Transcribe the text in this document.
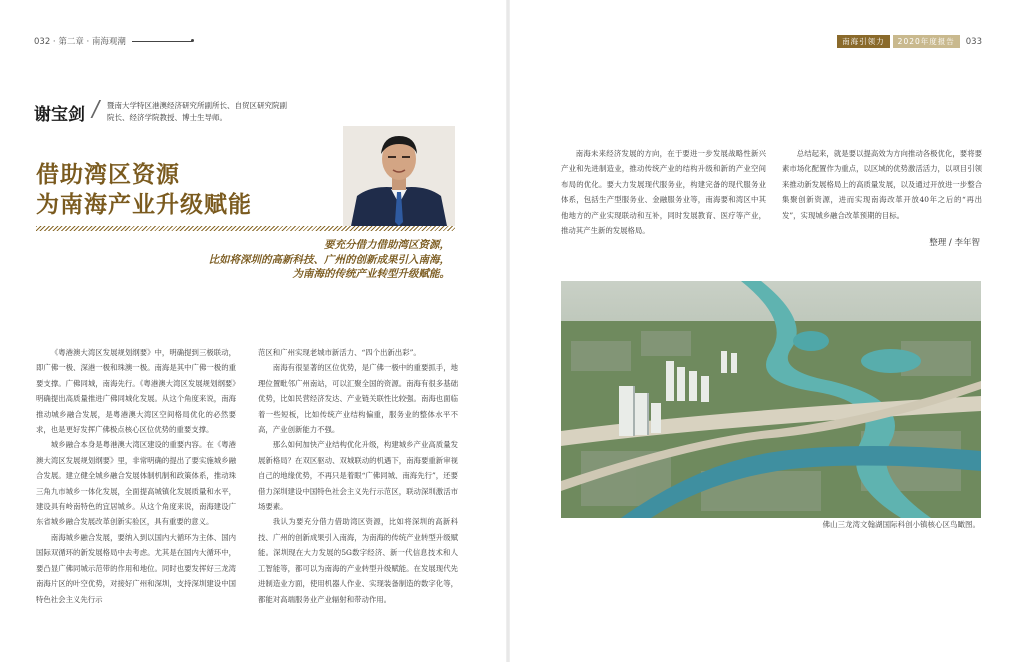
032 · 第二章 · 南海观潮
谢宝剑 / 暨南大学特区港澳经济研究所副所长、自贸区研究院副院长、经济学院教授、博士生导师。
借助湾区资源
为南海产业升级赋能
要充分借力借助湾区资源，
比如将深圳的高新科技、广州的创新成果引入南海，
为南海的传统产业转型升级赋能。

《粤港澳大湾区发展规划纲要》中，明确提到三极联动，即广佛一极、深港一极和珠澳一极。南海是其中广佛一极的重要支撑。广佛同城，南海先行。《粤港澳大湾区发展规划纲要》明确提出高质量推进广佛同城化发展。从这个角度来说，南海推动城乡融合发展，是粤港澳大湾区空间格局优化的必然要求，也是更好发挥广佛极点核心区位优势的重要支撑。

城乡融合本身是粤港澳大湾区建设的重要内容。在《粤港澳大湾区发展规划纲要》里，非常明确的提出了要实施城乡融合发展。建立健全城乡融合发展体制机制和政策体系，推动珠三角九市城乡一体化发展，全面提高城镇化发展质量和水平，建设具有岭南特色的宜居城乡。从这个角度来说，南海建设广东省城乡融合发展改革创新实验区，具有重要的意义。

南海城乡融合发展，要纳入到以国内大循环为主体、国内国际双循环的新发展格局中去考虑。尤其是在国内大循环中，要凸显广佛同城示范带的作用和地位。同时也要发挥好三龙湾南海片区的叶空优势，对接好广州和深圳，支持深圳建设中国特色社会主义先行示

范区和广州实现老城市新活力、“四个出新出彩”。

南海有很显著的区位优势，是广佛一极中的重要抓手，地理位置毗邻广州南站，可以汇聚全国的资源。南海有很多基础优势，比如民营经济发达、产业链关联性比较强。南海也面临着一些短板，比如传统产业结构偏重，服务业的整体水平不高，产业创新能力不强。

那么如何加快产业结构优化升级，构建城乡产业高质量发展新格局？在双区驱动、双城联动的机遇下，南海要重新审视自己的地缘优势，不再只是着眼“广佛同城、南海先行”，还要借力深圳建设中国特色社会主义先行示范区，联动深圳激活市场要素。

我认为要充分借力借助湾区资源，比如将深圳的高新科技、广州的创新成果引入南海，为南海的传统产业转型升级赋能。深圳现在大力发展的5G数字经济、新一代信息技术和人工智能等，都可以为南海的产业转型升级赋能。在发展现代先进制造业方面，使用机器人作业、实现装备制造的数字化等，都能对高端服务业产业辐射和带动作用。

南海引领力	2020年度报告	033

南海未来经济发展的方向，在于要进一步发展战略性新兴产业和先进制造业，推动传统产业的结构升级和新的产业空间布局的优化。要大力发展现代服务业，构建完备的现代服务业体系，包括生产型服务业、金融服务业等，南海要和湾区中其他地方的产业实现联动和互补，同时发展教育、医疗等产业，推动其产生新的发展格局。

总结起来，就是要以提高效为方向推动各极优化，要将要素市场化配置作为重点，以区域的优势激活活力，以项目引领来推动新发展格局上的高质量发展，以及通过开放进一步整合集聚创新资源，进而实现南海改革开放40年之后的“再出发”，实现城乡融合改革预期的目标。

整理 / 李年智
佛山三龙湾文翰湖国际科创小镇核心区鸟瞰图。
